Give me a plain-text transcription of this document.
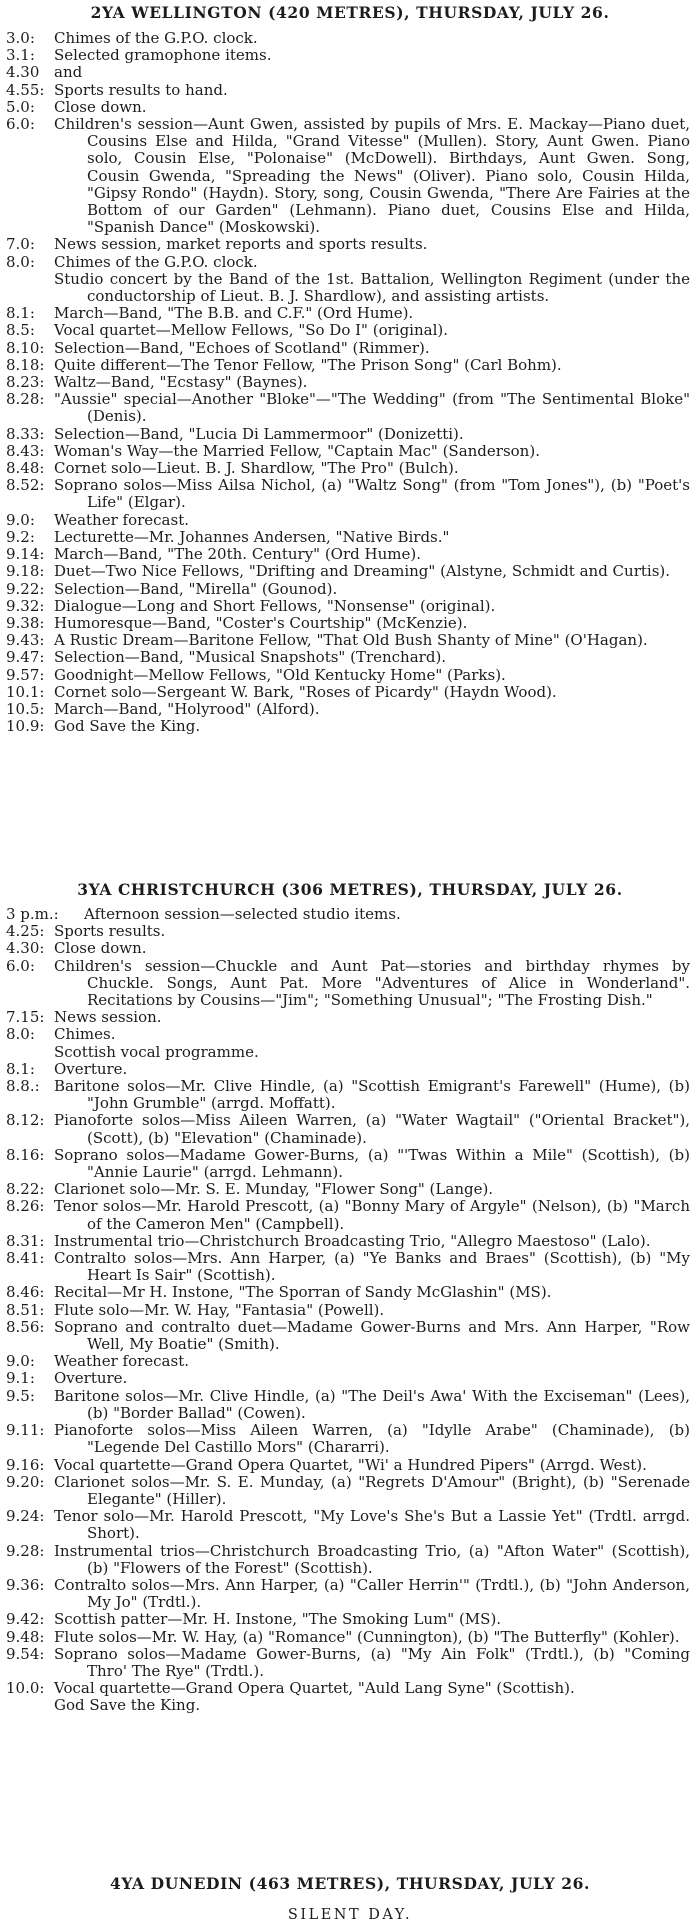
2YA WELLINGTON (420 METRES), THURSDAY, JULY 26.
3.0:	Chimes of the G.P.O. clock.
3.1:	Selected gramophone items.
4.30 and
4.55: Sports results to hand.
5.0:	Close down.
6.0:	Children's session—Aunt Gwen, assisted by pupils of Mrs. E. Mackay—Piano duet, Cousins Else and Hilda, "Grand Vitesse" (Mullen). Story, Aunt Gwen. Piano solo, Cousin Else, "Polonaise" (McDowell). Birthdays, Aunt Gwen. Song, Cousin Gwenda, "Spreading the News" (Oliver). Piano solo, Cousin Hilda, "Gipsy Rondo" (Haydn). Story, song, Cousin Gwenda, "There Are Fairies at the Bottom of our Garden" (Lehmann). Piano duet, Cousins Else and Hilda, "Spanish Dance" (Moskowski).
7.0:	News session, market reports and sports results.
8.0:	Chimes of the G.P.O. clock.
Studio concert by the Band of the 1st. Battalion, Wellington Regiment (under the conductorship of Lieut. B. J. Shardlow), and assisting artists.
8.1:	March—Band, "The B.B. and C.F." (Ord Hume).
8.5:	Vocal quartet—Mellow Fellows, "So Do I" (original).
8.10: Selection—Band, "Echoes of Scotland" (Rimmer).
8.18: Quite different—The Tenor Fellow, "The Prison Song" (Carl Bohm).
8.23: Waltz—Band, "Ecstasy" (Baynes).
8.28: "Aussie" special—Another "Bloke"—"The Wedding" (from "The Sentimental Bloke" (Denis).
8.33: Selection—Band, "Lucia Di Lammermoor" (Donizetti).
8.43: Woman's Way—the Married Fellow, "Captain Mac" (Sanderson).
8.48: Cornet solo—Lieut. B. J. Shardlow, "The Pro" (Bulch).
8.52: Soprano solos—Miss Ailsa Nichol, (a) "Waltz Song" (from "Tom Jones"), (b) "Poet's Life" (Elgar).
9.0:	Weather forecast.
9.2:	Lecturette—Mr. Johannes Andersen, "Native Birds."
9.14: March—Band, "The 20th. Century" (Ord Hume).
9.18: Duet—Two Nice Fellows, "Drifting and Dreaming" (Alstyne, Schmidt and Curtis).
9.22: Selection—Band, "Mirella" (Gounod).
9.32: Dialogue—Long and Short Fellows, "Nonsense" (original).
9.38: Humoresque—Band, "Coster's Courtship" (McKenzie).
9.43: A Rustic Dream—Baritone Fellow, "That Old Bush Shanty of Mine" (O'Hagan).
9.47: Selection—Band, "Musical Snapshots" (Trenchard).
9.57: Goodnight—Mellow Fellows, "Old Kentucky Home" (Parks).
10.1: Cornet solo—Sergeant W. Bark, "Roses of Picardy" (Haydn Wood).
10.5: March—Band, "Holyrood" (Alford).
10.9: God Save the King.
3YA CHRISTCHURCH (306 METRES), THURSDAY, JULY 26.
3 p.m.:	Afternoon session—selected studio items.
4.25: Sports results.
4.30: Close down.
6.0:	Children's session—Chuckle and Aunt Pat—stories and birthday rhymes by Chuckle. Songs, Aunt Pat. More "Adventures of Alice in Wonderland". Recitations by Cousins—"Jim"; "Something Unusual"; "The Frosting Dish."
7.15: News session.
8.0:	Chimes.
Scottish vocal programme.
8.1:	Overture.
8.8.: Baritone solos—Mr. Clive Hindle, (a) "Scottish Emigrant's Farewell" (Hume), (b) "John Grumble" (arrgd. Moffatt).
8.12: Pianoforte solos—Miss Aileen Warren, (a) "Water Wagtail" ("Oriental Bracket"), (Scott), (b) "Elevation" (Chaminade).
8.16: Soprano solos—Madame Gower-Burns, (a) "'Twas Within a Mile" (Scottish), (b) "Annie Laurie" (arrgd. Lehmann).
8.22: Clarionet solo—Mr. S. E. Munday, "Flower Song" (Lange).
8.26: Tenor solos—Mr. Harold Prescott, (a) "Bonny Mary of Argyle" (Nelson), (b) "March of the Cameron Men" (Campbell).
8.31: Instrumental trio—Christchurch Broadcasting Trio, "Allegro Maestoso" (Lalo).
8.41: Contralto solos—Mrs. Ann Harper, (a) "Ye Banks and Braes" (Scottish), (b) "My Heart Is Sair" (Scottish).
8.46: Recital—Mr H. Instone, "The Sporran of Sandy McGlashin" (MS).
8.51: Flute solo—Mr. W. Hay, "Fantasia" (Powell).
8.56: Soprano and contralto duet—Madame Gower-Burns and Mrs. Ann Harper, "Row Well, My Boatie" (Smith).
9.0:	Weather forecast.
9.1:	Overture.
9.5:	Baritone solos—Mr. Clive Hindle, (a) "The Deil's Awa' With the Exciseman" (Lees), (b) "Border Ballad" (Cowen).
9.11: Pianoforte solos—Miss Aileen Warren, (a) "Idylle Arabe" (Chaminade), (b) "Legende Del Castillo Mors" (Chararri).
9.16: Vocal quartette—Grand Opera Quartet, "Wi' a Hundred Pipers" (Arrgd. West).
9.20: Clarionet solos—Mr. S. E. Munday, (a) "Regrets D'Amour" (Bright), (b) "Serenade Elegante" (Hiller).
9.24: Tenor solo—Mr. Harold Prescott, "My Love's She's But a Lassie Yet" (Trdtl. arrgd. Short).
9.28: Instrumental trios—Christchurch Broadcasting Trio, (a) "Afton Water" (Scottish), (b) "Flowers of the Forest" (Scottish).
9.36: Contralto solos—Mrs. Ann Harper, (a) "Caller Herrin'" (Trdtl.), (b) "John Anderson, My Jo" (Trdtl.).
9.42: Scottish patter—Mr. H. Instone, "The Smoking Lum" (MS).
9.48: Flute solos—Mr. W. Hay, (a) "Romance" (Cunnington), (b) "The Butterfly" (Kohler).
9.54: Soprano solos—Madame Gower-Burns, (a) "My Ain Folk" (Trdtl.), (b) "Coming Thro' The Rye" (Trdtl.).
10.0: Vocal quartette—Grand Opera Quartet, "Auld Lang Syne" (Scottish).
God Save the King.
4YA DUNEDIN (463 METRES), THURSDAY, JULY 26.
SILENT DAY.
